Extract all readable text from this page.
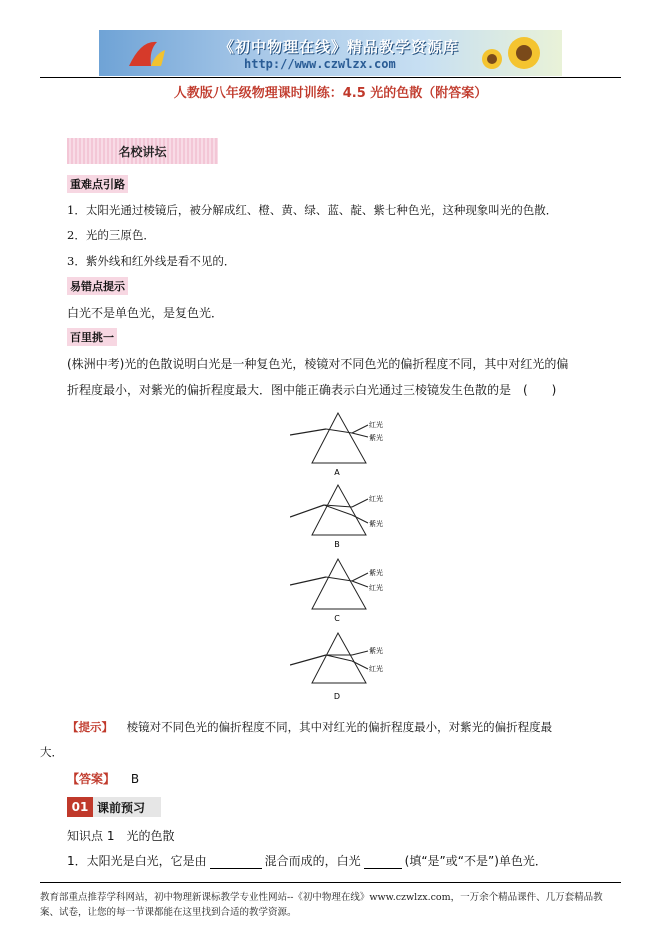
《初中物理在线》精品教学资源库
http://www.czwlzx.com
人教版八年级物理课时训练：4.5 光的色散（附答案）
名校讲坛
重难点引路
1．太阳光通过棱镜后，被分解成红、橙、黄、绿、蓝、靛、紫七种色光，这种现象叫光的色散．
2．光的三原色．
3．紫外线和红外线是看不见的．
易错点提示
白光不是单色光，是复色光．
百里挑一
(株洲中考)光的色散说明白光是一种复色光，棱镜对不同色光的偏折程度不同，其中对红光的偏
折程度最小，对紫光的偏折程度最大．图中能正确表示白光通过三棱镜发生色散的是　(　　)
红光
紫光
A
红光
紫光
B
紫光
红光
C
紫光
红光
D
【提示】 棱镜对不同色光的偏折程度不同，其中对红光的偏折程度最小，对紫光的偏折程度最
大．
【答案】 B
01 课前预习
知识点 1　光的色散
1．太阳光是白光，它是由	混合而成的，白光	(填“是”或“不是”)单色光．
教育部重点推荐学科网站，初中物理新课标教学专业性网站--《初中物理在线》www.czwlzx.com，一万余个精品课件、几万套精品教
案、试卷，让您的每一节课都能在这里找到合适的教学资源。
